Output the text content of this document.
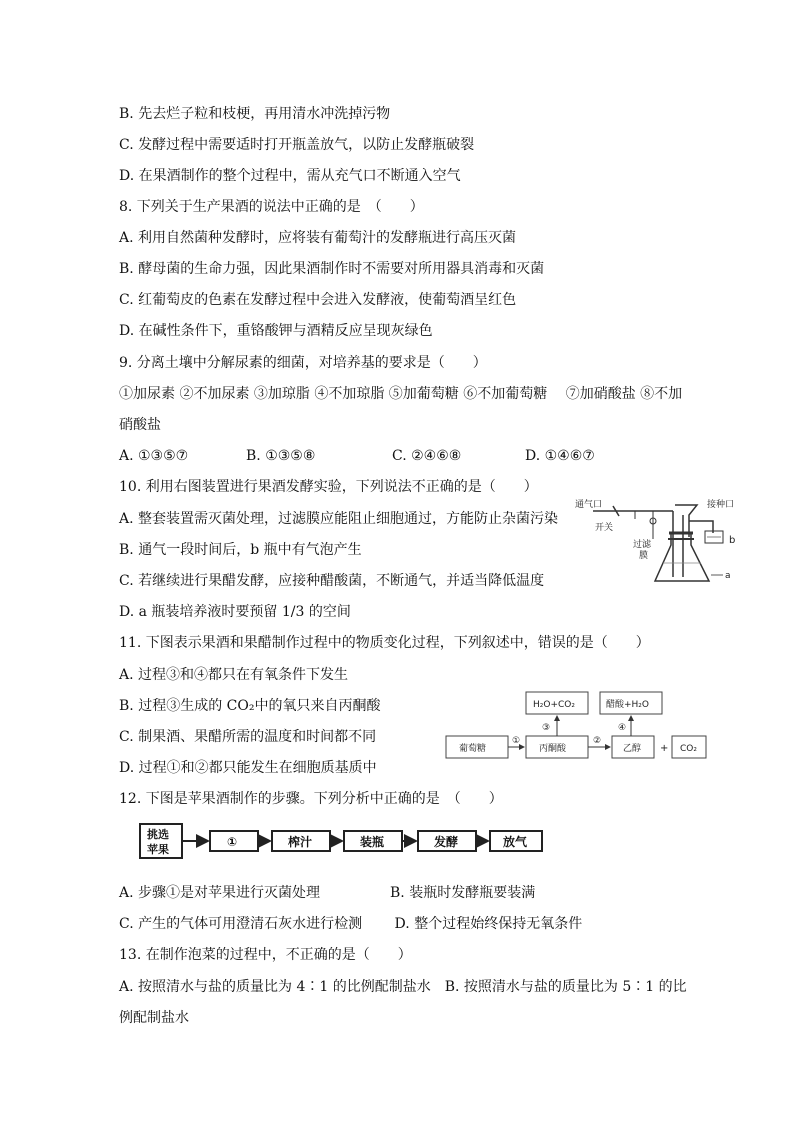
B. 先去烂子粒和枝梗，再用清水冲洗掉污物
C. 发酵过程中需要适时打开瓶盖放气，以防止发酵瓶破裂
D. 在果酒制作的整个过程中，需从充气口不断通入空气
8. 下列关于生产果酒的说法中正确的是　（　　）
A. 利用自然菌种发酵时，应将装有葡萄汁的发酵瓶进行高压灭菌
B. 酵母菌的生命力强，因此果酒制作时不需要对所用器具消毒和灭菌
C. 红葡萄皮的色素在发酵过程中会进入发酵液，使葡萄酒呈红色
D. 在碱性条件下，重铬酸钾与酒精反应呈现灰绿色
9. 分离土壤中分解尿素的细菌，对培养基的要求是（　　）
①加尿素 ②不加尿素 ③加琼脂 ④不加琼脂 ⑤加葡萄糖 ⑥不加葡萄糖　 ⑦加硝酸盐 ⑧不加
硝酸盐
A. ①③⑤⑦	B. ①③⑤⑧	C. ②④⑥⑧	D. ①④⑥⑦
10. 利用右图装置进行果酒发酵实验，下列说法不正确的是（　　）
A. 整套装置需灭菌处理，过滤膜应能阻止细胞通过，方能防止杂菌污染
B. 通气一段时间后，b 瓶中有气泡产生
C. 若继续进行果醋发酵，应接种醋酸菌，不断通气，并适当降低温度
D. a 瓶装培养液时要预留 1/3 的空间
通气口	接种口
开关
过滤
膜
a
b
11. 下图表示果酒和果醋制作过程中的物质变化过程，下列叙述中，错误的是（　　）
A. 过程③和④都只在有氧条件下发生
B. 过程③生成的 CO₂中的氧只来自丙酮酸
C. 制果酒、果醋所需的温度和时间都不同
D. 过程①和②都只能发生在细胞质基质中
H₂O+CO₂	醋酸+H₂O
葡萄糖	丙酮酸	乙醇	CO₂
①	②
③	④
+
12. 下图是苹果酒制作的步骤。下列分析中正确的是　（　　）
挑选
苹果
①	榨汁	装瓶	发酵	放气
A. 步骤①是对苹果进行灭菌处理　　　　　B. 装瓶时发酵瓶要装满
C. 产生的气体可用澄清石灰水进行检测　　 D. 整个过程始终保持无氧条件
13. 在制作泡菜的过程中，不正确的是（　　）
A. 按照清水与盐的质量比为 4∶1 的比例配制盐水　B. 按照清水与盐的质量比为 5∶1 的比
例配制盐水
